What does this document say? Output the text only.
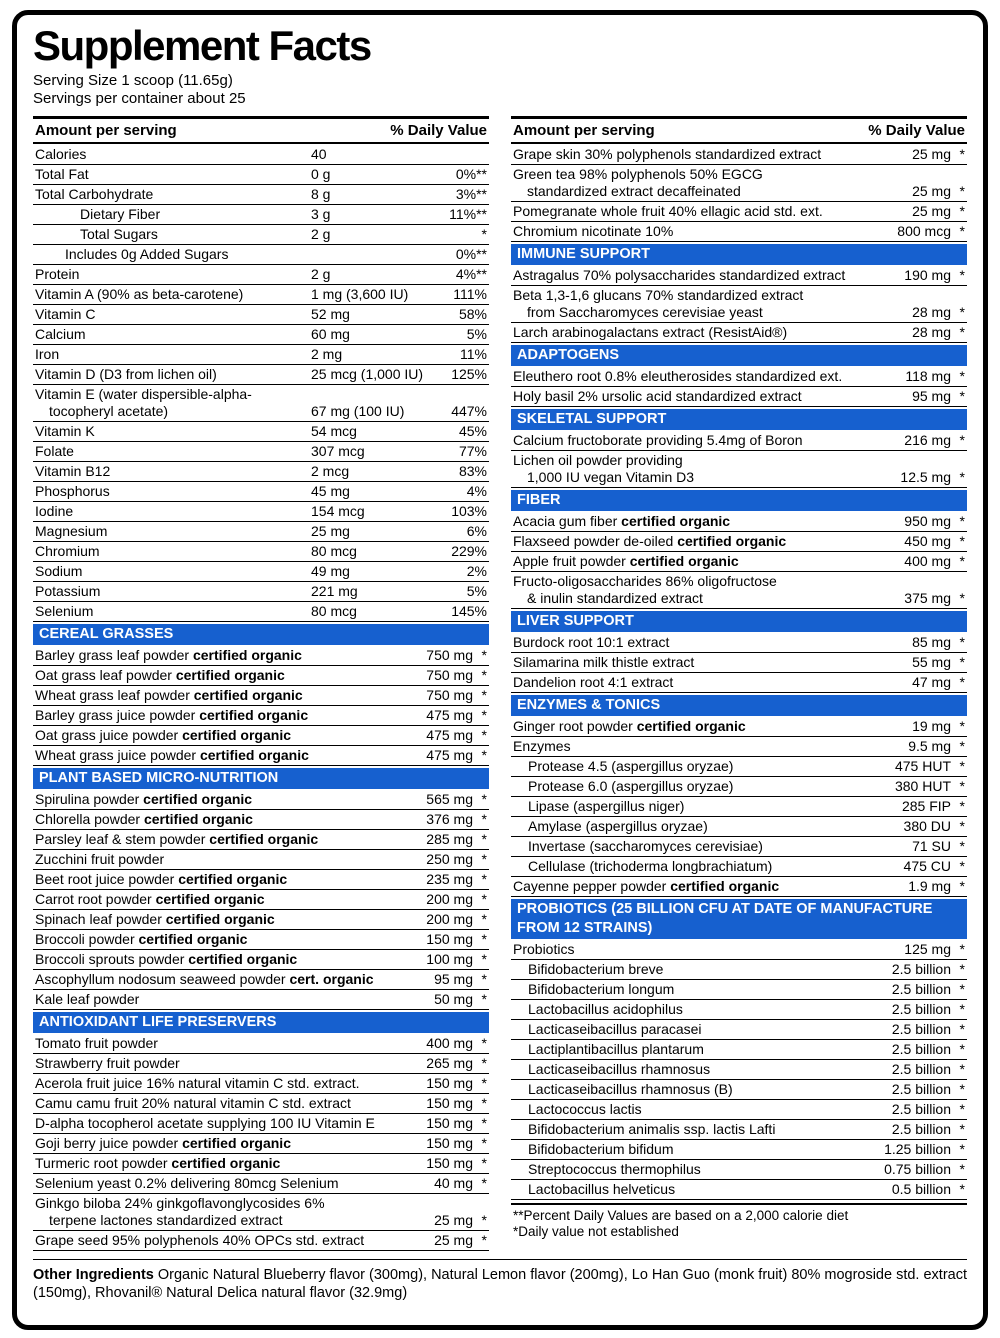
Supplement Facts
Serving Size 1 scoop (11.65g)
Servings per container about 25
Amount per serving	% Daily Value
Calories	40
Total Fat	0 g	0%**
Total Carbohydrate	8 g	3%**
Dietary Fiber	3 g	11%**
Total Sugars	2 g	*
Includes 0g Added Sugars	0%**
Protein	2 g	4%**
Vitamin A (90% as beta-carotene)	1 mg (3,600 IU)	111%
Vitamin C	52 mg	58%
Calcium	60 mg	5%
Iron	2 mg	11%
Vitamin D (D3 from lichen oil)	25 mcg (1,000 IU)	125%
Vitamin E (water dispersible-alpha-
tocopheryl acetate)	67 mg (100 IU)	447%
Vitamin K	54 mcg	45%
Folate	307 mcg	77%
Vitamin B12	2 mcg	83%
Phosphorus	45 mg	4%
Iodine	154 mcg	103%
Magnesium	25 mg	6%
Chromium	80 mcg	229%
Sodium	49 mg	2%
Potassium	221 mg	5%
Selenium	80 mcg	145%
CEREAL GRASSES
Barley grass leaf powder certified organic	750 mg *
Oat grass leaf powder certified organic	750 mg *
Wheat grass leaf powder certified organic	750 mg *
Barley grass juice powder certified organic	475 mg *
Oat grass juice powder certified organic	475 mg *
Wheat grass juice powder certified organic	475 mg *
PLANT BASED MICRO-NUTRITION
Spirulina powder certified organic	565 mg *
Chlorella powder certified organic	376 mg *
Parsley leaf & stem powder certified organic	285 mg *
Zucchini fruit powder	250 mg *
Beet root juice powder certified organic	235 mg *
Carrot root powder certified organic	200 mg *
Spinach leaf powder certified organic	200 mg *
Broccoli powder certified organic	150 mg *
Broccoli sprouts powder certified organic	100 mg *
Ascophyllum nodosum seaweed powder cert. organic	95 mg *
Kale leaf powder	50 mg *
ANTIOXIDANT LIFE PRESERVERS
Tomato fruit powder	400 mg *
Strawberry fruit powder	265 mg *
Acerola fruit juice 16% natural vitamin C std. extract.	150 mg *
Camu camu fruit 20% natural vitamin C std. extract	150 mg *
D-alpha tocopherol acetate supplying 100 IU Vitamin E	150 mg *
Goji berry juice powder certified organic	150 mg *
Turmeric root powder certified organic	150 mg *
Selenium yeast 0.2% delivering 80mcg Selenium	40 mg *
Ginkgo biloba 24% ginkgoflavonglycosides 6%
terpene lactones standardized extract	25 mg *
Grape seed 95% polyphenols 40% OPCs std. extract	25 mg *
Amount per serving	% Daily Value
Grape skin 30% polyphenols standardized extract	25 mg *
Green tea 98% polyphenols 50% EGCG
standardized extract decaffeinated	25 mg *
Pomegranate whole fruit 40% ellagic acid std. ext.	25 mg *
Chromium nicotinate 10%	800 mcg *
IMMUNE SUPPORT
Astragalus 70% polysaccharides standardized extract	190 mg *
Beta 1,3-1,6 glucans 70% standardized extract
from Saccharomyces cerevisiae yeast	28 mg *
Larch arabinogalactans extract (ResistAid®)	28 mg *
ADAPTOGENS
Eleuthero root 0.8% eleutherosides standardized ext.	118 mg *
Holy basil 2% ursolic acid standardized extract	95 mg *
SKELETAL SUPPORT
Calcium fructoborate providing 5.4mg of Boron	216 mg *
Lichen oil powder providing
1,000 IU vegan Vitamin D3	12.5 mg *
FIBER
Acacia gum fiber certified organic	950 mg *
Flaxseed powder de-oiled certified organic	450 mg *
Apple fruit powder certified organic	400 mg *
Fructo-oligosaccharides 86% oligofructose
& inulin standardized extract	375 mg *
LIVER SUPPORT
Burdock root 10:1 extract	85 mg *
Silamarina milk thistle extract	55 mg *
Dandelion root 4:1 extract	47 mg *
ENZYMES & TONICS
Ginger root powder certified organic	19 mg *
Enzymes	9.5 mg *
Protease 4.5 (aspergillus oryzae)	475 HUT *
Protease 6.0 (aspergillus oryzae)	380 HUT *
Lipase (aspergillus niger)	285 FIP *
Amylase (aspergillus oryzae)	380 DU *
Invertase (saccharomyces cerevisiae)	71 SU *
Cellulase (trichoderma longbrachiatum)	475 CU *
Cayenne pepper powder certified organic	1.9 mg *
PROBIOTICS (25 BILLION CFU AT DATE OF MANUFACTURE
FROM 12 STRAINS)
Probiotics	125 mg *
Bifidobacterium breve	2.5 billion *
Bifidobacterium longum	2.5 billion *
Lactobacillus acidophilus	2.5 billion *
Lacticaseibacillus paracasei	2.5 billion *
Lactiplantibacillus plantarum	2.5 billion *
Lacticaseibacillus rhamnosus	2.5 billion *
Lacticaseibacillus rhamnosus (B)	2.5 billion *
Lactococcus lactis	2.5 billion *
Bifidobacterium animalis ssp. lactis Lafti	2.5 billion *
Bifidobacterium bifidum	1.25 billion *
Streptococcus thermophilus	0.75 billion *
Lactobacillus helveticus	0.5 billion *
**Percent Daily Values are based on a 2,000 calorie diet
*Daily value not established

Other Ingredients Organic Natural Blueberry flavor (300mg), Natural Lemon flavor (200mg), Lo Han Guo (monk fruit) 80% mogroside std. extract (150mg), Rhovanil® Natural Delica natural flavor (32.9mg)
